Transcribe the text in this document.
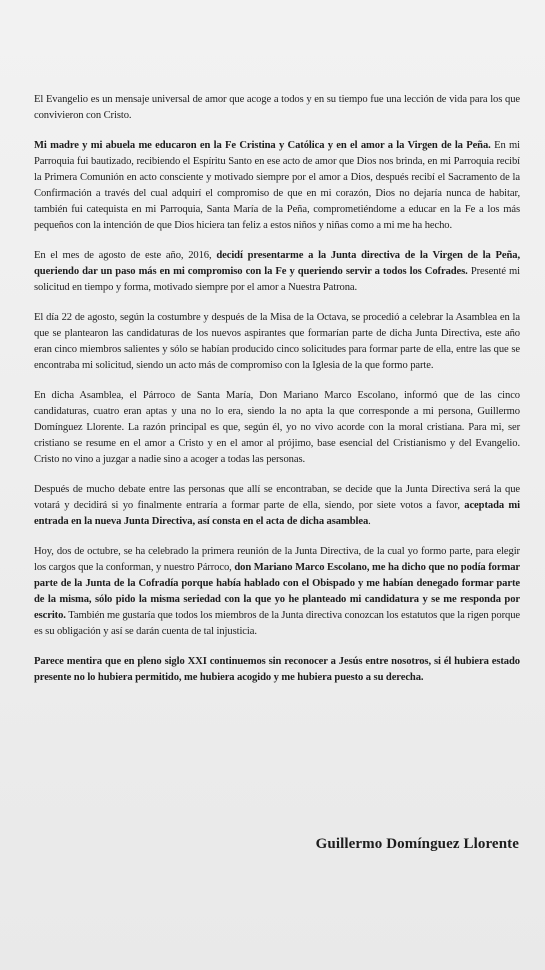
El Evangelio es un mensaje universal de amor que acoge a todos y en su tiempo fue una lección de vida para los que convivieron con Cristo.

Mi madre y mi abuela me educaron en la Fe Cristina y Católica y en el amor a la Virgen de la Peña. En mi Parroquia fui bautizado, recibiendo el Espíritu Santo en ese acto de amor que Dios nos brinda, en mi Parroquia recibí la Primera Comunión en acto consciente y motivado siempre por el amor a Dios, después recibí el Sacramento de la Confirmación a través del cual adquirí el compromiso de que en mi corazón, Dios no dejaría nunca de habitar, también fui catequista en mi Parroquia, Santa María de la Peña, comprometiéndome a educar en la Fe a los más pequeños con la intención de que Dios hiciera tan feliz a estos niños y niñas como a mi me ha hecho.

En el mes de agosto de este año, 2016, decidí presentarme a la Junta directiva de la Virgen de la Peña, queriendo dar un paso más en mi compromiso con la Fe y queriendo servir a todos los Cofrades. Presenté mi solicitud en tiempo y forma, motivado siempre por el amor a Nuestra Patrona.

El día 22 de agosto, según la costumbre y después de la Misa de la Octava, se procedió a celebrar la Asamblea en la que se plantearon las candidaturas de los nuevos aspirantes que formarían parte de dicha Junta Directiva, este año eran cinco miembros salientes y sólo se habían producido cinco solicitudes para formar parte de ella, entre las que se encontraba mi solicitud, siendo un acto más de compromiso con la Iglesia de la que formo parte.

En dicha Asamblea, el Párroco de Santa María, Don Mariano Marco Escolano, informó que de las cinco candidaturas, cuatro eran aptas y una no lo era, siendo la no apta la que corresponde a mi persona, Guillermo Domínguez Llorente. La razón principal es que, según él, yo no vivo acorde con la moral cristiana. Para mi, ser cristiano se resume en el amor a Cristo y en el amor al prójimo, base esencial del Cristianismo y del Evangelio. Cristo no vino a juzgar a nadie sino a acoger a todas las personas.

Después de mucho debate entre las personas que allí se encontraban, se decide que la Junta Directiva será la que votará y decidirá si yo finalmente entraría a formar parte de ella, siendo, por siete votos a favor, aceptada mi entrada en la nueva Junta Directiva, así consta en el acta de dicha asamblea.

Hoy, dos de octubre, se ha celebrado la primera reunión de la Junta Directiva, de la cual yo formo parte, para elegir los cargos que la conforman, y nuestro Párroco, don Mariano Marco Escolano, me ha dicho que no podía formar parte de la Junta de la Cofradía porque había hablado con el Obispado y me habían denegado formar parte de la misma, sólo pido la misma seriedad con la que yo he planteado mi candidatura y se me responda por escrito. También me gustaría que todos los miembros de la Junta directiva conozcan los estatutos que la rigen porque es su obligación y así se darán cuenta de tal injusticia.

Parece mentira que en pleno siglo XXI continuemos sin reconocer a Jesús entre nosotros, si él hubiera estado presente no lo hubiera permitido, me hubiera acogido y me hubiera puesto a su derecha.

Guillermo Domínguez Llorente
